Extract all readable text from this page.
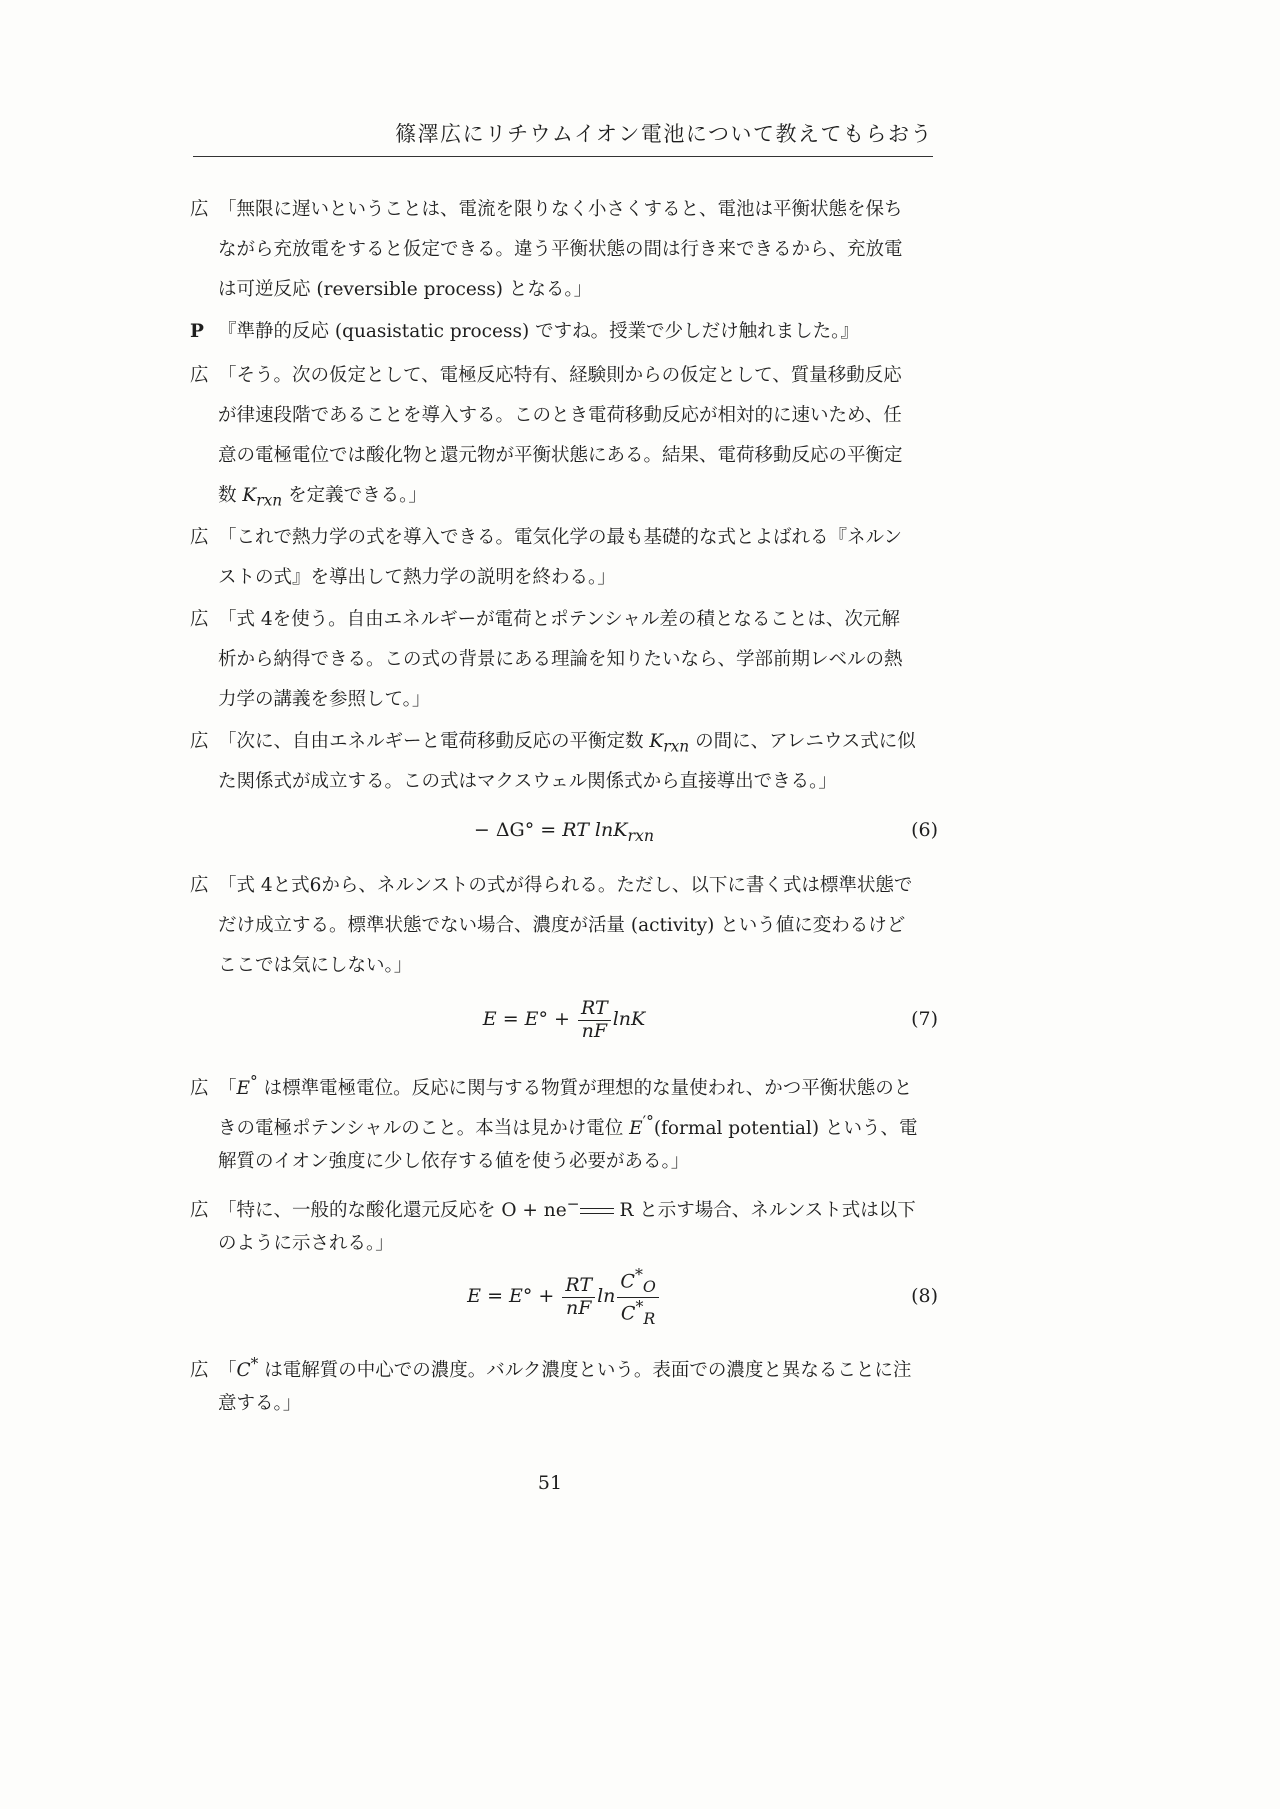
篠澤広にリチウムイオン電池について教えてもらおう
広 「無限に遅いということは、電流を限りなく小さくすると、電池は平衡状態を保ち
ながら充放電をすると仮定できる。違う平衡状態の間は行き来できるから、充放電
は可逆反応 (reversible process) となる。」
P 『準静的反応 (quasistatic process) ですね。授業で少しだけ触れました。』
広 「そう。次の仮定として、電極反応特有、経験則からの仮定として、質量移動反応
が律速段階であることを導入する。このとき電荷移動反応が相対的に速いため、任
意の電極電位では酸化物と還元物が平衡状態にある。結果、電荷移動反応の平衡定
数 $K_{rxn}$ を定義できる。」
広 「これで熱力学の式を導入できる。電気化学の最も基礎的な式とよばれる『ネルン
ストの式』を導出して熱力学の説明を終わる。」
広 「式 4を使う。自由エネルギーが電荷とポテンシャル差の積となることは、次元解
析から納得できる。この式の背景にある理論を知りたいなら、学部前期レベルの熱
力学の講義を参照して。」
広 「次に、自由エネルギーと電荷移動反応の平衡定数 $K_{rxn}$ の間に、アレニウス式に似
た関係式が成立する。この式はマクスウェル関係式から直接導出できる。」
− ΔG° = RT lnK$_{rxn}$	(6)
広 「式 4と式6から、ネルンストの式が得られる。ただし、以下に書く式は標準状態で
だけ成立する。標準状態でない場合、濃度が活量 (activity) という値に変わるけど
ここでは気にしない。」
$E = E^\circ + \frac{RT}{nF}$ lnK	(7)
広 「E° は標準電極電位。反応に関与する物質が理想的な量使われ、かつ平衡状態のと
きの電極ポテンシャルのこと。本当は見かけ電位 E′°(formal potential) という、電
解質のイオン強度に少し依存する値を使う必要がある。」
広 「特に、一般的な酸化還元反応を O + ne− R と示す場合、ネルンスト式は以下
のように示される。」
$E = E^\circ + \frac{RT}{nF}$ $\ln \frac{C^*_O}{C^*_R}$	(8)
広 「C* は電解質の中心での濃度。バルク濃度という。表面での濃度と異なることに注
意する。」
51
